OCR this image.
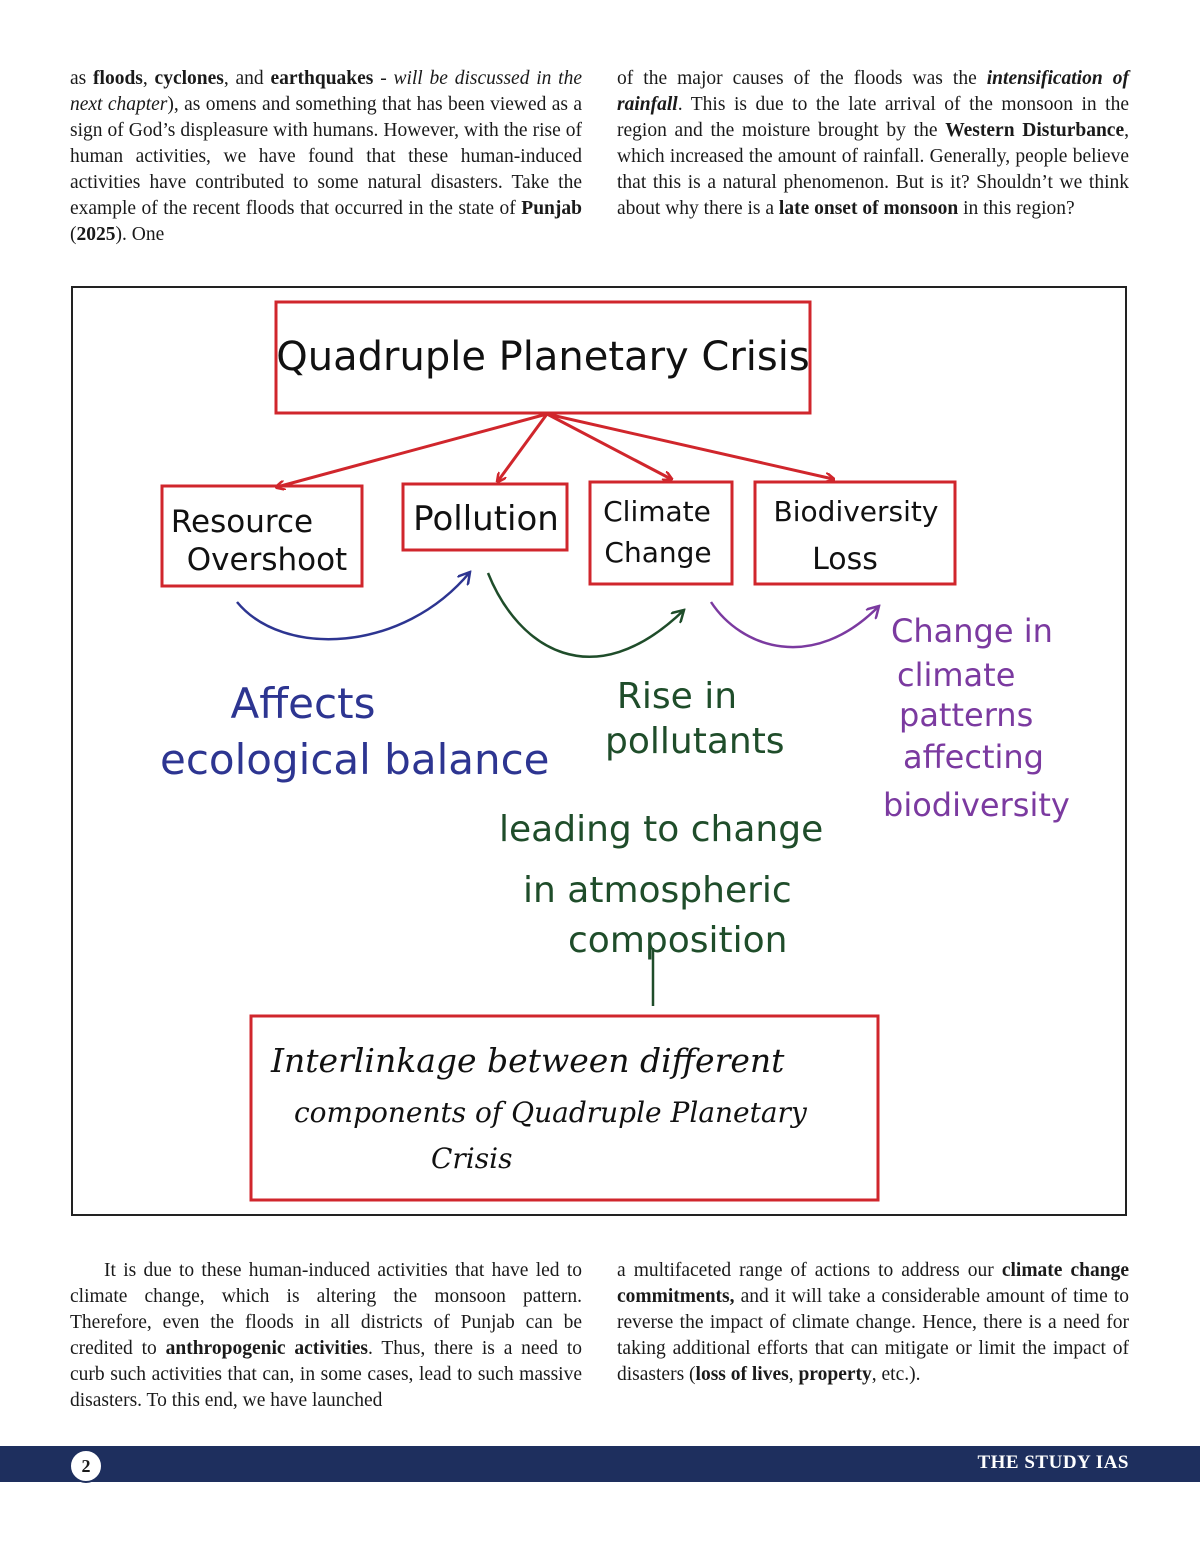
as floods, cyclones, and earthquakes - will be discussed in the next chapter), as omens and something that has been viewed as a sign of God’s displeasure with humans. However, with the rise of human activities, we have found that these human-induced activities have contributed to some natural disasters. Take the example of the recent floods that occurred in the state of Punjab (2025). One

of the major causes of the floods was the intensification of rainfall. This is due to the late arrival of the monsoon in the region and the moisture brought by the Western Disturbance, which increased the amount of rainfall. Generally, people believe that this is a natural phenomenon. But is it? Shouldn’t we think about why there is a late onset of monsoon in this region?

Quadruple Planetary Crisis
Resource
Overshoot
Pollution Climate
Change
Biodiversity
Loss
Affects
ecological balance
Rise in
pollutants
leading to change
in atmospheric
composition
Change in
climate
patterns
affecting
biodiversity
Interlinkage between different
components of Quadruple Planetary
Crisis

It is due to these human-induced activities that have led to climate change, which is altering the monsoon pattern. Therefore, even the floods in all districts of Punjab can be credited to anthropogenic activities. Thus, there is a need to curb such activities that can, in some cases, lead to such massive disasters. To this end, we have launched

a multifaceted range of actions to address our climate change commitments, and it will take a considerable amount of time to reverse the impact of climate change. Hence, there is a need for taking additional efforts that can mitigate or limit the impact of disasters (loss of lives, property, etc.).

2	THE STUDY IAS
